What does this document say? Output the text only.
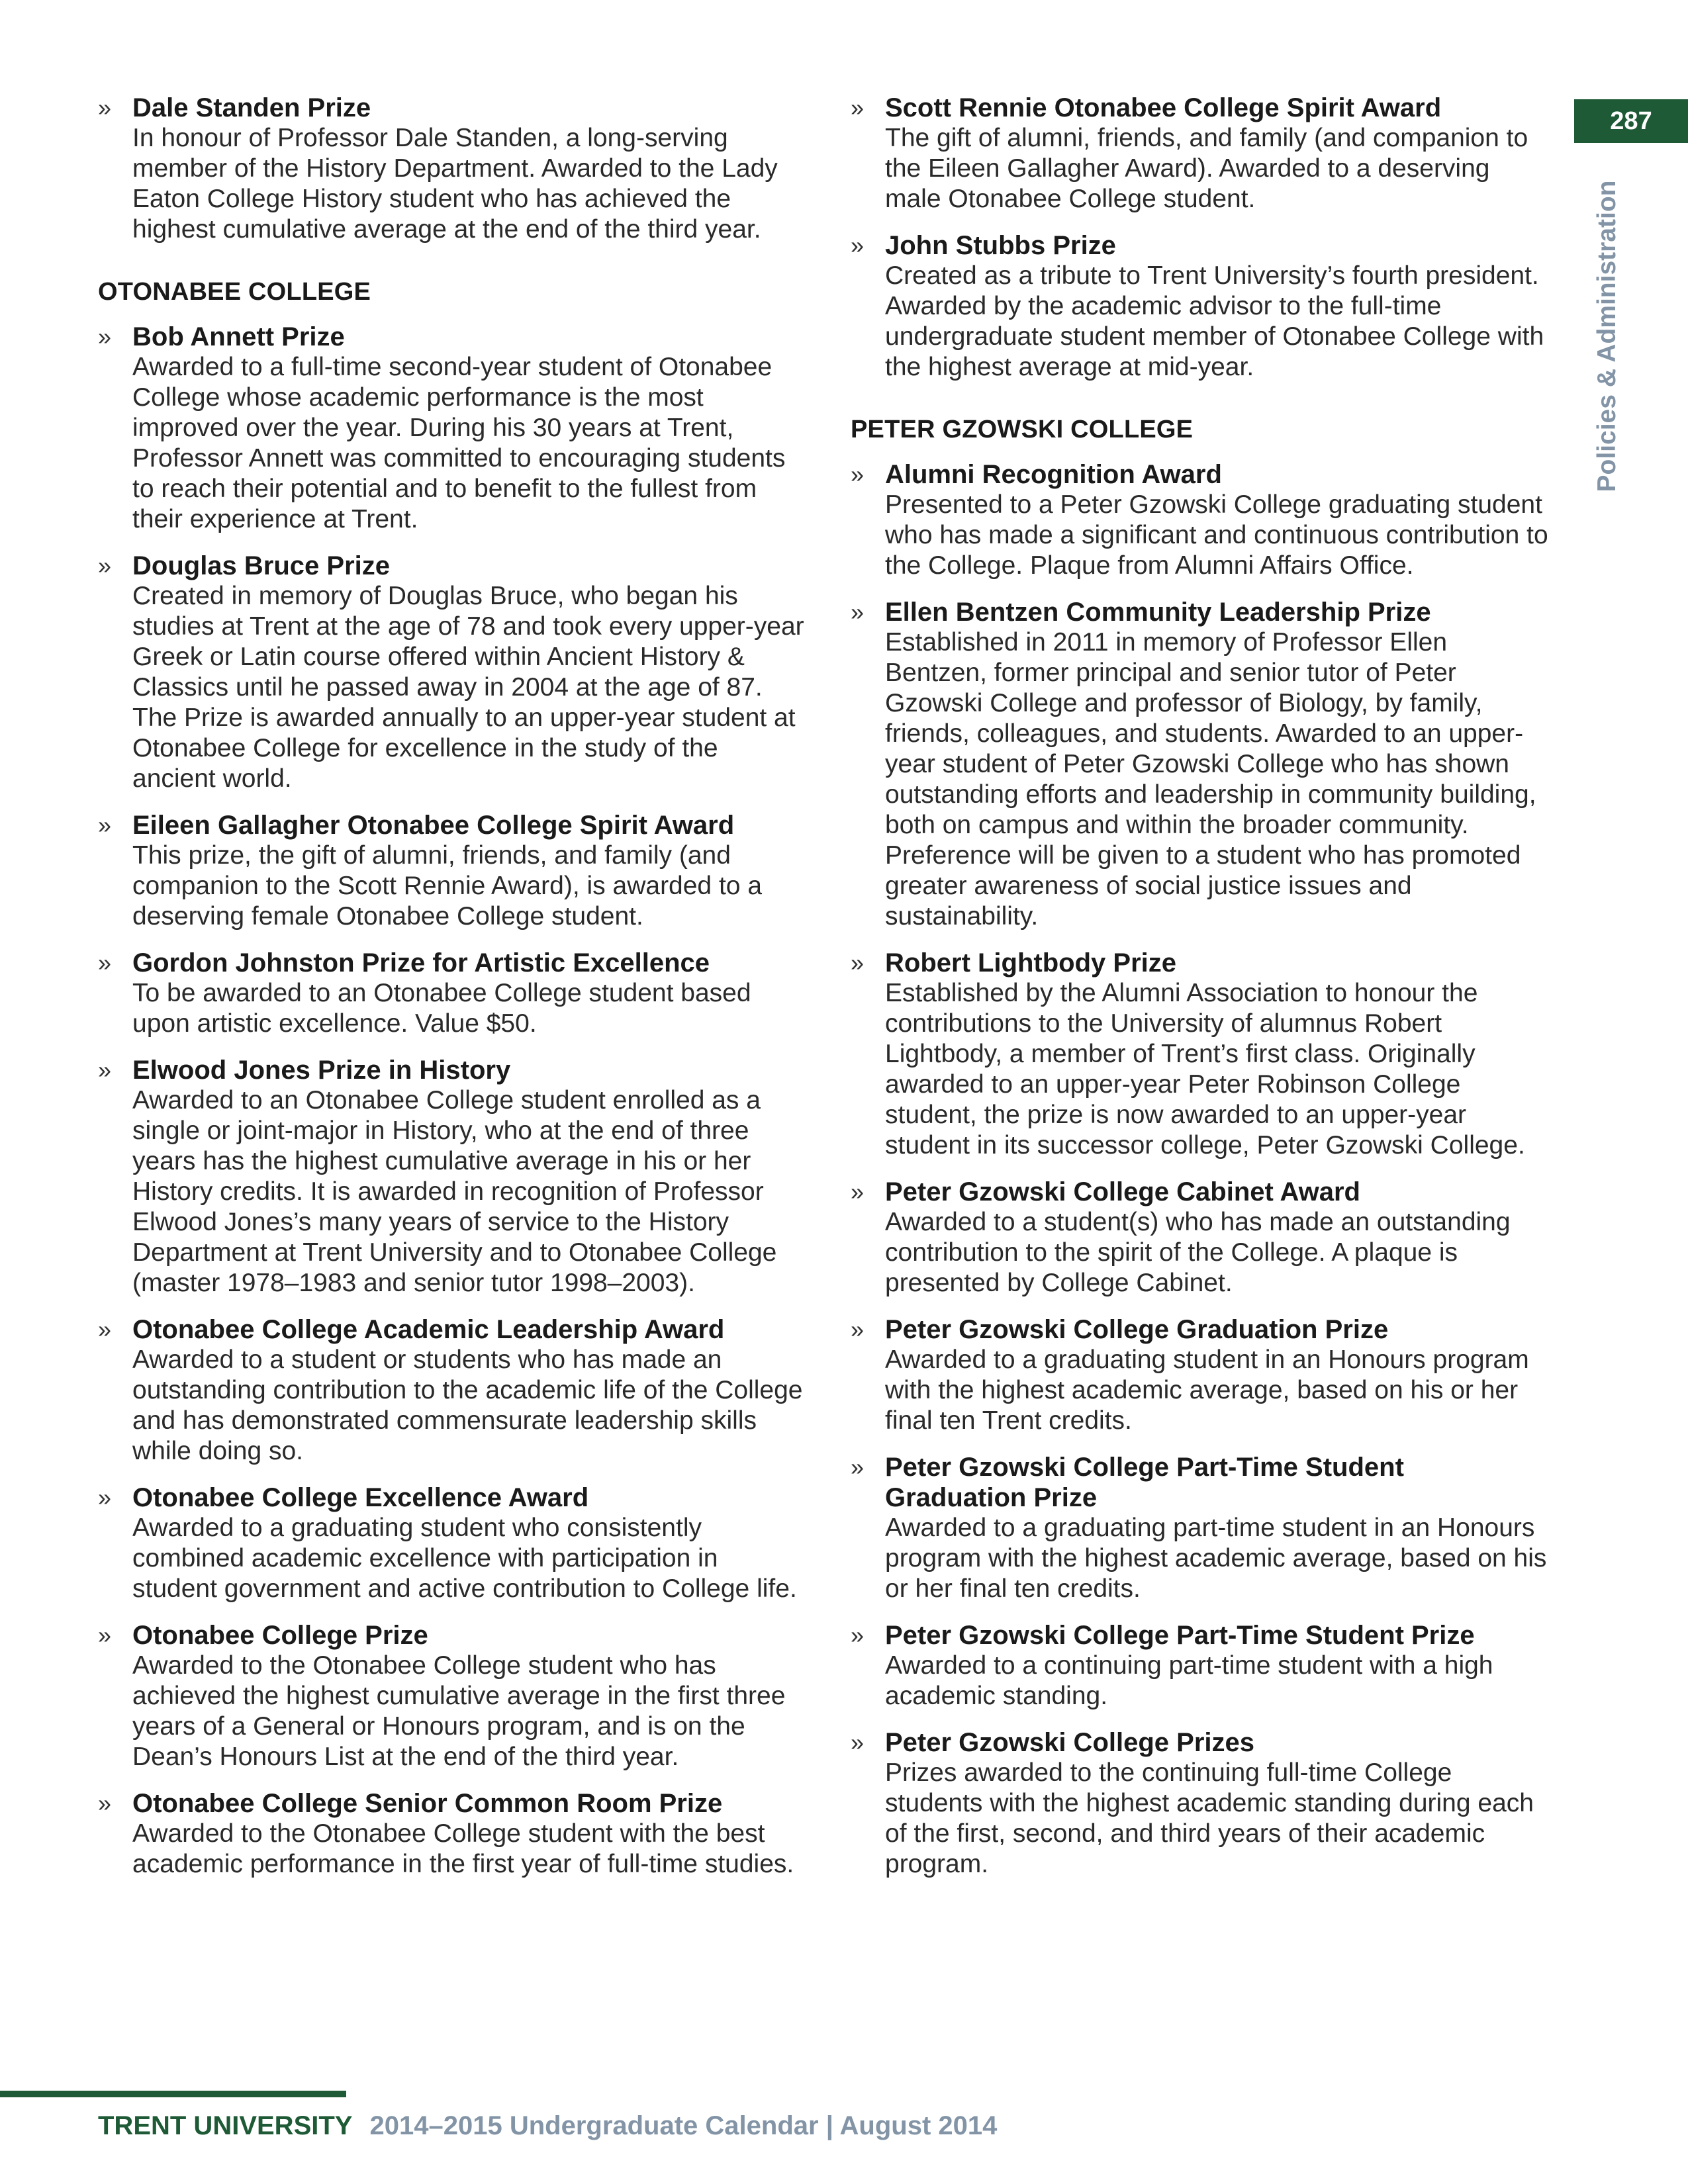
287
Policies & Administration
» Dale Standen Prize
In honour of Professor Dale Standen, a long-serving member of the History Department. Awarded to the Lady Eaton College History student who has achieved the highest cumulative average at the end of the third year.
OTONABEE COLLEGE
» Bob Annett Prize
Awarded to a full-time second-year student of Otonabee College whose academic performance is the most improved over the year. During his 30 years at Trent, Professor Annett was committed to encouraging students to reach their potential and to benefit to the fullest from their experience at Trent.
» Douglas Bruce Prize
Created in memory of Douglas Bruce, who began his studies at Trent at the age of 78 and took every upper-year Greek or Latin course offered within Ancient History & Classics until he passed away in 2004 at the age of 87. The Prize is awarded annually to an upper-year student at Otonabee College for excellence in the study of the ancient world.
» Eileen Gallagher Otonabee College Spirit Award
This prize, the gift of alumni, friends, and family (and companion to the Scott Rennie Award), is awarded to a deserving female Otonabee College student.
» Gordon Johnston Prize for Artistic Excellence
To be awarded to an Otonabee College student based upon artistic excellence. Value $50.
» Elwood Jones Prize in History
Awarded to an Otonabee College student enrolled as a single or joint-major in History, who at the end of three years has the highest cumulative average in his or her History credits. It is awarded in recognition of Professor Elwood Jones’s many years of service to the History Department at Trent University and to Otonabee College (master 1978–1983 and senior tutor 1998–2003).
» Otonabee College Academic Leadership Award
Awarded to a student or students who has made an outstanding contribution to the academic life of the College and has demonstrated commensurate leadership skills while doing so.
» Otonabee College Excellence Award
Awarded to a graduating student who consistently combined academic excellence with participation in student government and active contribution to College life.
» Otonabee College Prize
Awarded to the Otonabee College student who has achieved the highest cumulative average in the first three years of a General or Honours program, and is on the Dean’s Honours List at the end of the third year.
» Otonabee College Senior Common Room Prize
Awarded to the Otonabee College student with the best academic performance in the first year of full-time studies.
» Scott Rennie Otonabee College Spirit Award
The gift of alumni, friends, and family (and companion to the Eileen Gallagher Award). Awarded to a deserving male Otonabee College student.
» John Stubbs Prize
Created as a tribute to Trent University’s fourth president. Awarded by the academic advisor to the full-time undergraduate student member of Otonabee College with the highest average at mid-year.
PETER GZOWSKI COLLEGE
» Alumni Recognition Award
Presented to a Peter Gzowski College graduating student who has made a significant and continuous contribution to the College. Plaque from Alumni Affairs Office.
» Ellen Bentzen Community Leadership Prize
Established in 2011 in memory of Professor Ellen Bentzen, former principal and senior tutor of Peter Gzowski College and professor of Biology, by family, friends, colleagues, and students. Awarded to an upper-year student of Peter Gzowski College who has shown outstanding efforts and leadership in community building, both on campus and within the broader community. Preference will be given to a student who has promoted greater awareness of social justice issues and sustainability.
» Robert Lightbody Prize
Established by the Alumni Association to honour the contributions to the University of alumnus Robert Lightbody, a member of Trent’s first class. Originally awarded to an upper-year Peter Robinson College student, the prize is now awarded to an upper-year student in its successor college, Peter Gzowski College.
» Peter Gzowski College Cabinet Award
Awarded to a student(s) who has made an outstanding contribution to the spirit of the College. A plaque is presented by College Cabinet.
» Peter Gzowski College Graduation Prize
Awarded to a graduating student in an Honours program with the highest academic average, based on his or her final ten Trent credits.
» Peter Gzowski College Part-Time Student Graduation Prize
Awarded to a graduating part-time student in an Honours program with the highest academic average, based on his or her final ten credits.
» Peter Gzowski College Part-Time Student Prize
Awarded to a continuing part-time student with a high academic standing.
» Peter Gzowski College Prizes
Prizes awarded to the continuing full-time College students with the highest academic standing during each of the first, second, and third years of their academic program.
TRENT UNIVERSITY 2014–2015 Undergraduate Calendar | August 2014
